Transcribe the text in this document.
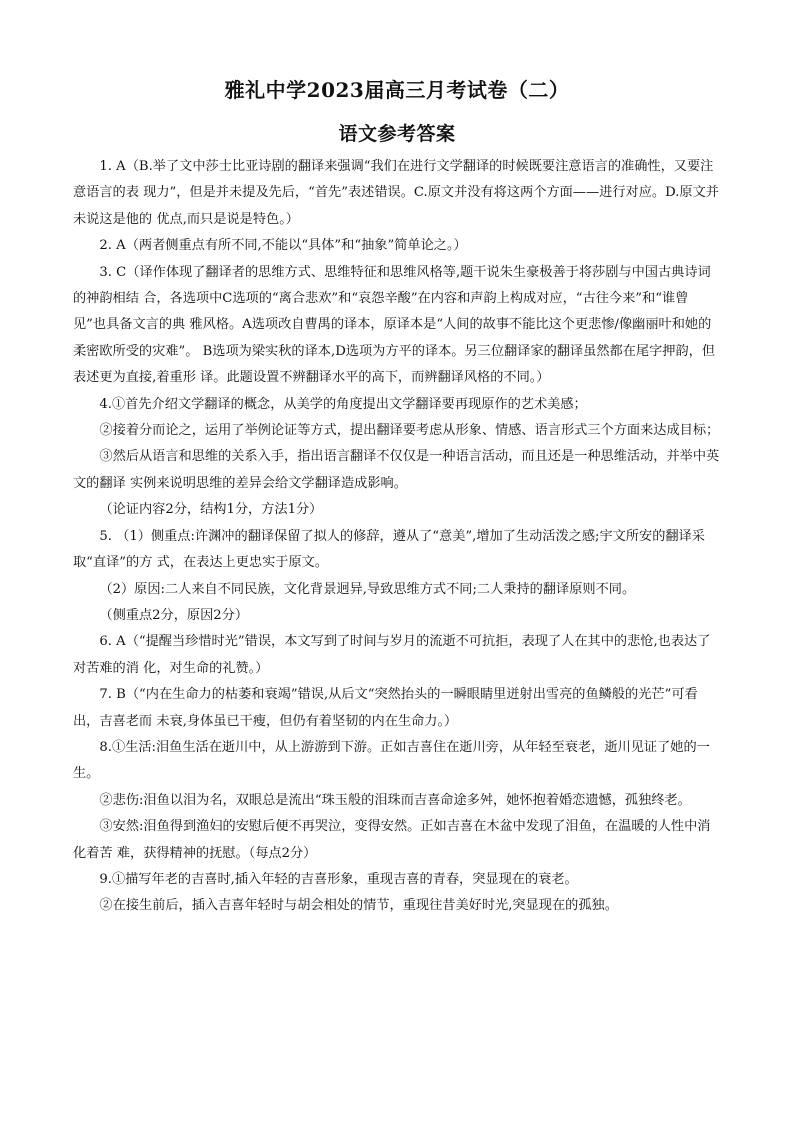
雅礼中学2023届高三月考试卷（二）
语文参考答案

1. A（B.举了文中莎士比亚诗剧的翻译来强调“我们在进行文学翻译的时候既要注意语言的准确性，又要注意语言的表 现力”，但是并未提及先后，“首先”表述错误。C.原文并没有将这两个方面——进行对应。D.原文并未说这是他的 优点,而只是说是特色。）

2. A（两者侧重点有所不同,不能以“具体”和“抽象”简单论之。）

3. C（译作体现了翻译者的思维方式、思维特征和思维风格等,题干说朱生豪极善于将莎剧与中国古典诗词的神韵相结 合，各选项中C选项的“离合悲欢”和“哀怨辛酸”在内容和声韵上构成对应，“古往今来”和“谁曾见”也具备文言的典 雅风格。A选项改自曹禺的译本，原译本是“人间的故事不能比这个更悲惨/像幽丽叶和她的柔密欧所受的灾难”。 B选项为梁实秋的译本,D选项为方平的译本。另三位翻译家的翻译虽然都在尾字押韵，但表述更为直接,着重形 译。此题设置不辨翻译水平的高下，而辨翻译风格的不同。）

4.①首先介绍文学翻译的概念，从美学的角度提出文学翻译要再现原作的艺术美感；

②接着分而论之，运用了举例论证等方式，提出翻译要考虑从形象、情感、语言形式三个方面来达成目标；

③然后从语言和思维的关系入手，指出语言翻译不仅仅是一种语言活动，而且还是一种思维活动，并举中英文的翻译 实例来说明思维的差异会给文学翻译造成影响。

（论证内容2分，结构1分，方法1分）

5. （1）侧重点:许渊冲的翻译保留了拟人的修辞，遵从了“意美”,增加了生动活泼之感;宇文所安的翻译采取“直译”的方 式，在表达上更忠实于原文。

（2）原因:二人来自不同民族，文化背景迥异,导致思维方式不同;二人秉持的翻译原则不同。

（侧重点2分，原因2分）

6. A（“提醒当珍惜时光”错误，本文写到了时间与岁月的流逝不可抗拒，表现了人在其中的悲怆,也表达了对苦难的消 化，对生命的礼赞。）

7. B（“内在生命力的枯萎和衰竭”错误,从后文“突然抬头的一瞬眼睛里迸射出雪亮的鱼鳞般的光芒”可看出，吉喜老而 未衰,身体虽已干瘦，但仍有着坚韧的内在生命力。）

8.①生活:泪鱼生活在逝川中，从上游游到下游。正如吉喜住在逝川旁，从年轻至衰老，逝川见证了她的一生。

②悲伤:泪鱼以泪为名，双眼总是流出“珠玉般的泪珠而吉喜命途多舛，她怀抱着婚恋遗憾，孤独终老。

③安然:泪鱼得到渔妇的安慰后便不再哭泣，变得安然。正如吉喜在木盆中发现了泪鱼，在温暖的人性中消化着苦 难，获得精神的抚慰。（每点2分）

9.①描写年老的吉喜时,插入年轻的吉喜形象，重现吉喜的青春，突显现在的衰老。

②在接生前后，插入吉喜年轻时与胡会相处的情节，重现往昔美好时光,突显现在的孤独。
